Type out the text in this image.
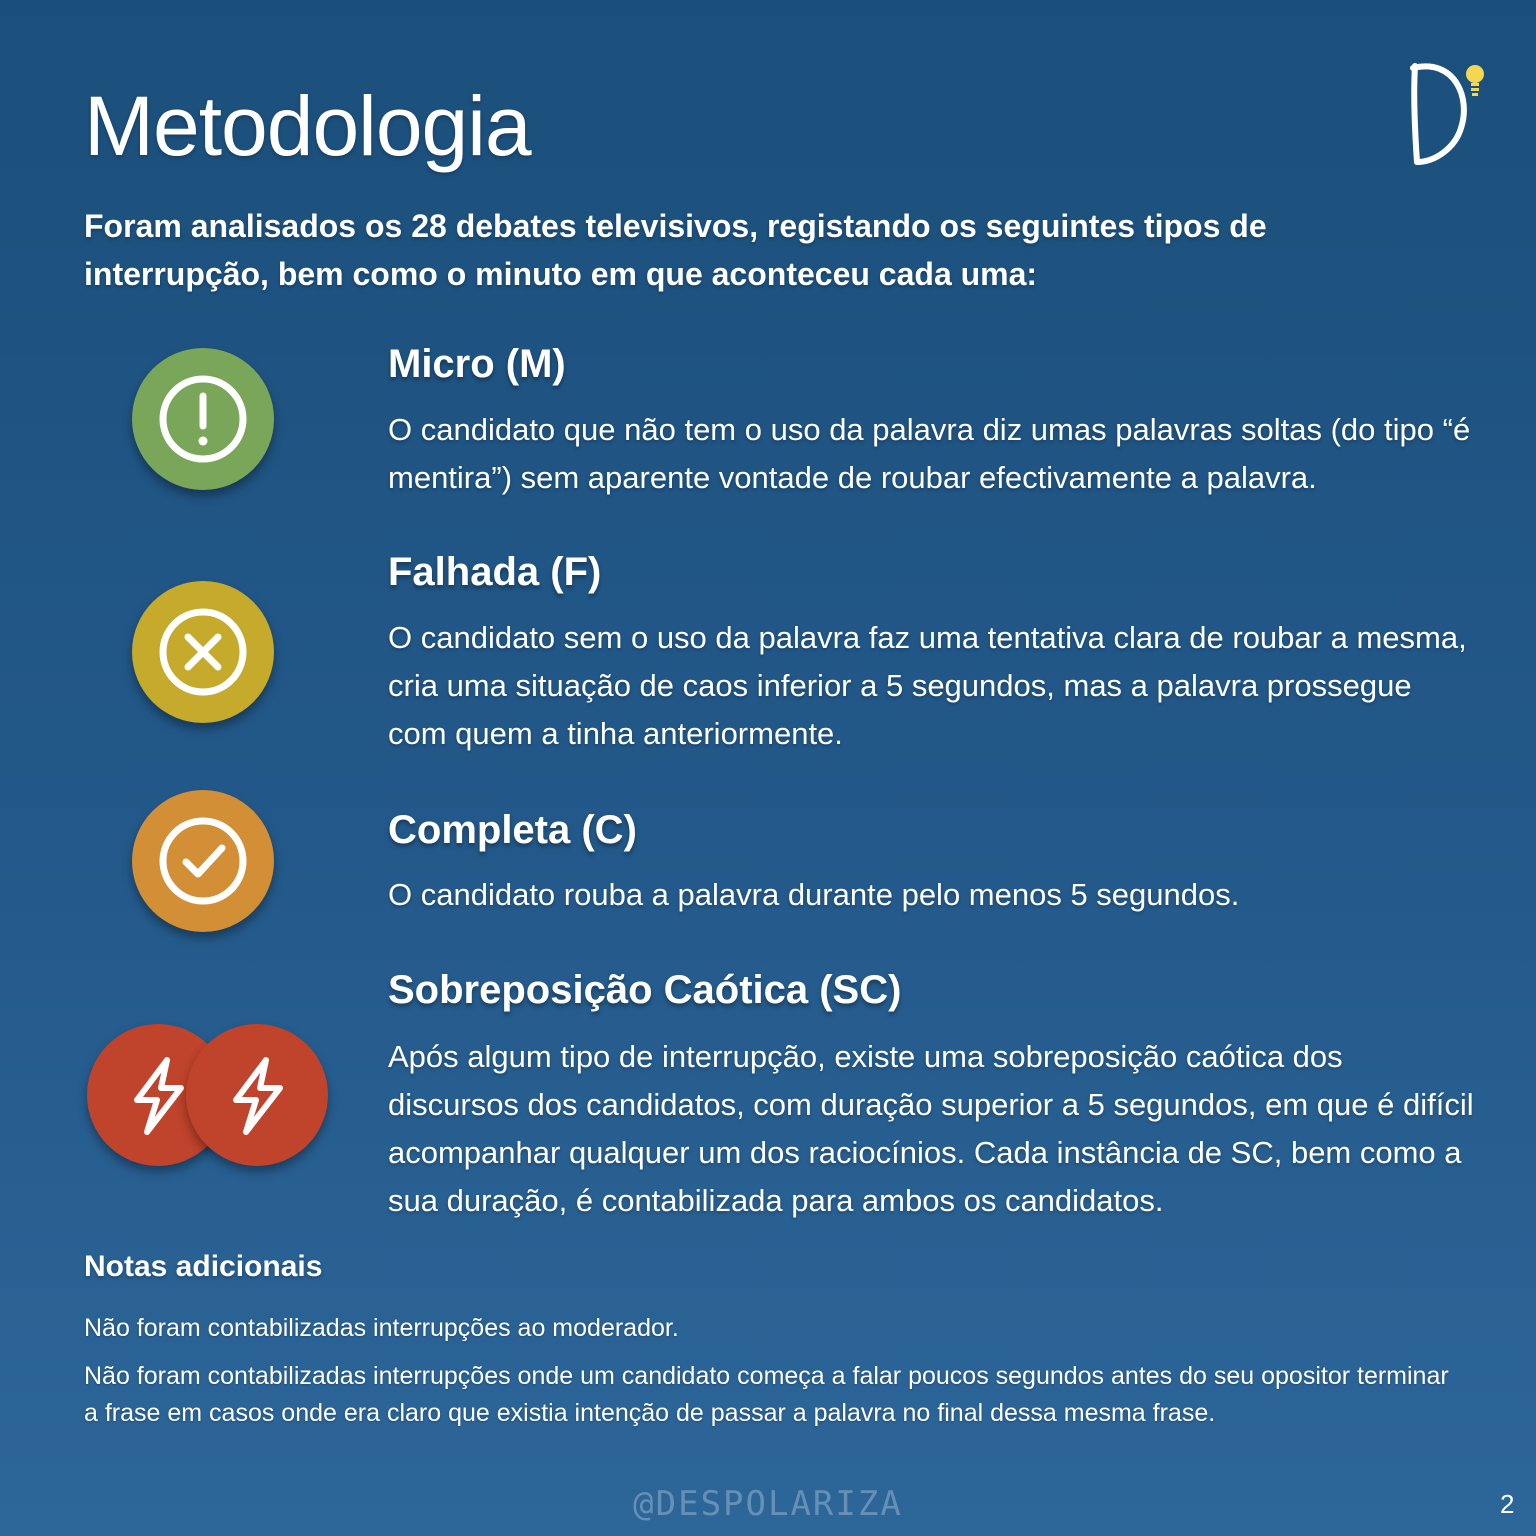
Metodologia

Foram analisados os 28 debates televisivos, registando os seguintes tipos de interrupção, bem como o minuto em que aconteceu cada uma:

Micro (M)

O candidato que não tem o uso da palavra diz umas palavras soltas (do tipo “é mentira”) sem aparente vontade de roubar efectivamente a palavra.

Falhada (F)

O candidato sem o uso da palavra faz uma tentativa clara de roubar a mesma, cria uma situação de caos inferior a 5 segundos, mas a palavra prossegue com quem a tinha anteriormente.

Completa (C)

O candidato rouba a palavra durante pelo menos 5 segundos.

Sobreposição Caótica (SC)

Após algum tipo de interrupção, existe uma sobreposição caótica dos discursos dos candidatos, com duração superior a 5 segundos, em que é difícil acompanhar qualquer um dos raciocínios. Cada instância de SC, bem como a sua duração, é contabilizada para ambos os candidatos.

Notas adicionais

Não foram contabilizadas interrupções ao moderador.

Não foram contabilizadas interrupções onde um candidato começa a falar poucos segundos antes do seu opositor terminar a frase em casos onde era claro que existia intenção de passar a palavra no final dessa mesma frase.

@DESPOLARIZA	2
